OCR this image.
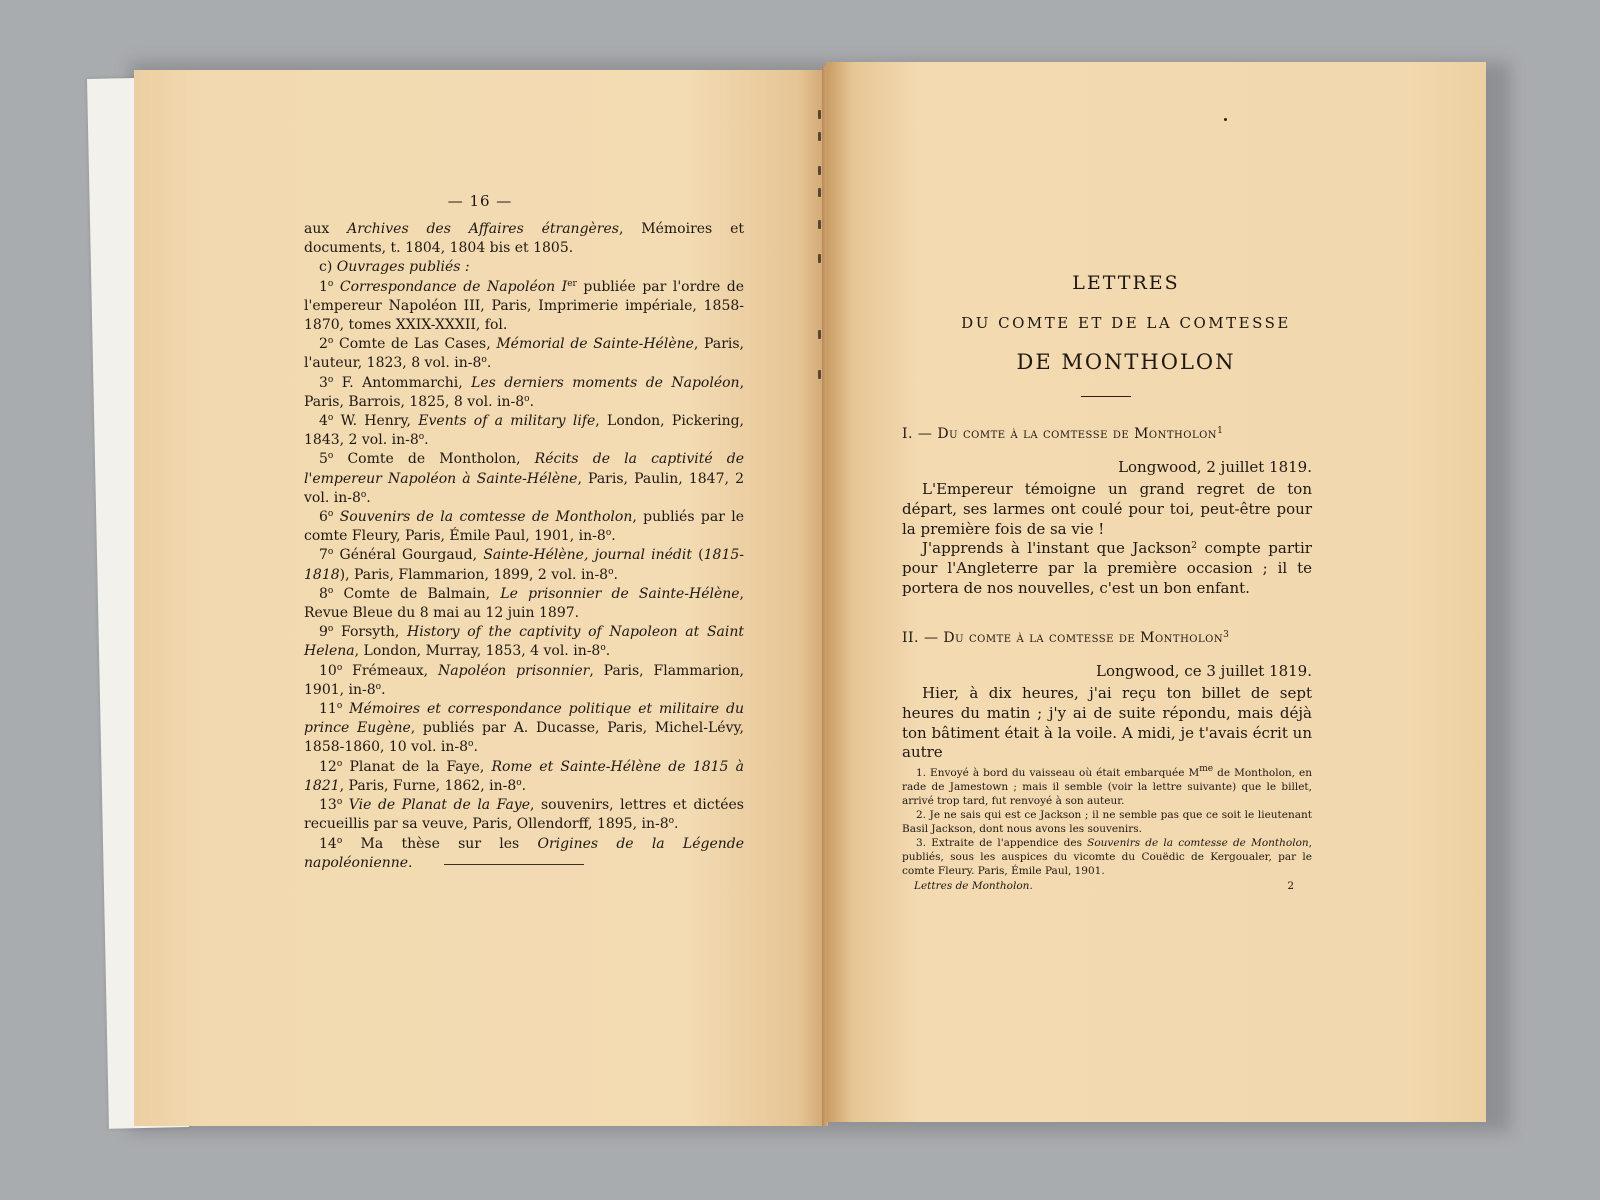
— 16 —

aux Archives des Affaires étrangères, Mémoires et documents, t. 1804, 1804 bis et 1805.

c) Ouvrages publiés :

1$^o$ Correspondance de Napoléon Ier publiée par l'ordre de l'empereur Napoléon III, Paris, Imprimerie impériale, 1858-1870, tomes XXIX-XXXII, fol.

2$^o$ Comte de Las Cases, Mémorial de Sainte-Hélène, Paris, l'auteur, 1823, 8 vol. in-8$^o$.

3$^o$ F. Antommarchi, Les derniers moments de Napoléon, Paris, Barrois, 1825, 8 vol. in-8$^o$.

4$^o$ W. Henry, Events of a military life, London, Pickering, 1843, 2 vol. in-8$^o$.

5$^o$ Comte de Montholon, Récits de la captivité de l'empereur Napoléon à Sainte-Hélène, Paris, Paulin, 1847, 2 vol. in-8$^o$.

6$^o$ Souvenirs de la comtesse de Montholon, publiés par le comte Fleury, Paris, Émile Paul, 1901, in-8$^o$.

7$^o$ Général Gourgaud, Sainte-Hélène, journal inédit (1815-1818), Paris, Flammarion, 1899, 2 vol. in-8$^o$.

8$^o$ Comte de Balmain, Le prisonnier de Sainte-Hélène, Revue Bleue du 8 mai au 12 juin 1897.

9$^o$ Forsyth, History of the captivity of Napoleon at Saint Helena, London, Murray, 1853, 4 vol. in-8$^o$.

10$^o$ Frémeaux, Napoléon prisonnier, Paris, Flammarion, 1901, in-8$^o$.

11$^o$ Mémoires et correspondance politique et militaire du prince Eugène, publiés par A. Ducasse, Paris, Michel-Lévy, 1858-1860, 10 vol. in-8$^o$.

12$^o$ Planat de la Faye, Rome et Sainte-Hélène de 1815 à 1821, Paris, Furne, 1862, in-8$^o$.

13$^o$ Vie de Planat de la Faye, souvenirs, lettres et dictées recueillis par sa veuve, Paris, Ollendorff, 1895, in-8$^o$.

14$^o$ Ma thèse sur les Origines de la Légende napoléonienne.

LETTRES
DU COMTE ET DE LA COMTESSE
DE MONTHOLON
I. — Du comte à la comtesse de Montholon$^1$
Longwood, 2 juillet 1819.

L'Empereur témoigne un grand regret de ton départ, ses larmes ont coulé pour toi, peut-être pour la première fois de sa vie !

J'apprends à l'instant que Jackson$^2$ compte partir pour l'Angleterre par la première occasion ; il te portera de nos nouvelles, c'est un bon enfant.

II. — Du comte à la comtesse de Montholon$^3$
Longwood, ce 3 juillet 1819.

Hier, à dix heures, j'ai reçu ton billet de sept heures du matin ; j'y ai de suite répondu, mais déjà ton bâtiment était à la voile. A midi, je t'avais écrit un autre

1. Envoyé à bord du vaisseau où était embarquée $M^{me}$ de Montholon, en rade de Jamestown ; mais il semble (voir la lettre suivante) que le billet, arrivé trop tard, fut renvoyé à son auteur.

2. Je ne sais qui est ce Jackson ; il ne semble pas que ce soit le lieutenant Basil Jackson, dont nous avons les souvenirs.

3. Extraite de l'appendice des Souvenirs de la comtesse de Montholon, publiés, sous les auspices du vicomte du Couëdic de Kergoualer, par le comte Fleury. Paris, Émile Paul, 1901.

Lettres de Montholon.	2
